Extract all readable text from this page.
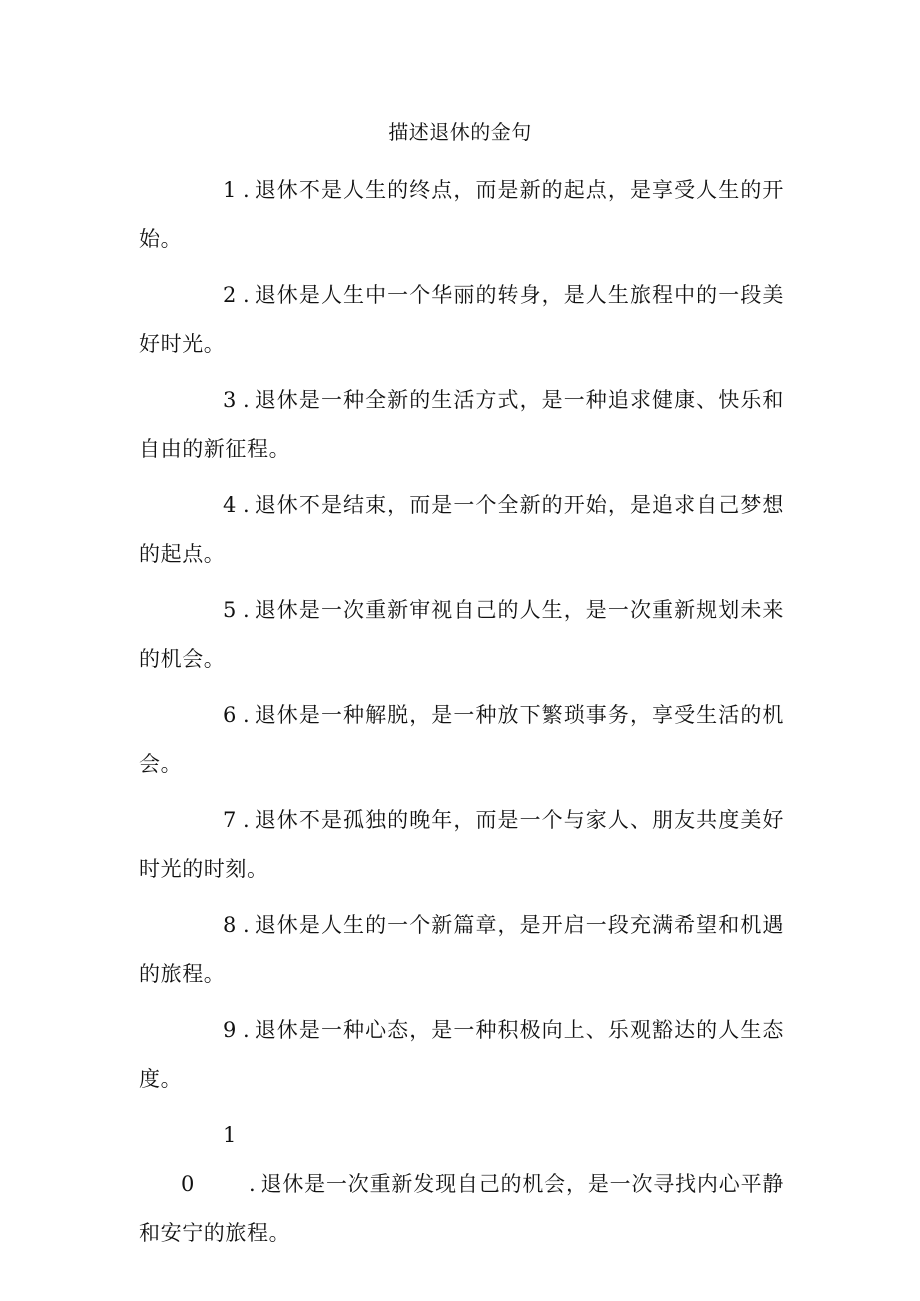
描述退休的金句

1 . 退休不是人生的终点，而是新的起点，是享受人生的开始。

2 . 退休是人生中一个华丽的转身，是人生旅程中的一段美好时光。

3 . 退休是一种全新的生活方式，是一种追求健康、快乐和自由的新征程。

4 . 退休不是结束，而是一个全新的开始，是追求自己梦想的起点。

5 . 退休是一次重新审视自己的人生，是一次重新规划未来的机会。

6 . 退休是一种解脱，是一种放下繁琐事务，享受生活的机会。

7 . 退休不是孤独的晚年，而是一个与家人、朋友共度美好时光的时刻。

8 . 退休是人生的一个新篇章，是开启一段充满希望和机遇的旅程。

9 . 退休是一种心态，是一种积极向上、乐观豁达的人生态度。

10	. 退休是一次重新发现自己的机会，是一次寻找内心平静和安宁的旅程。
